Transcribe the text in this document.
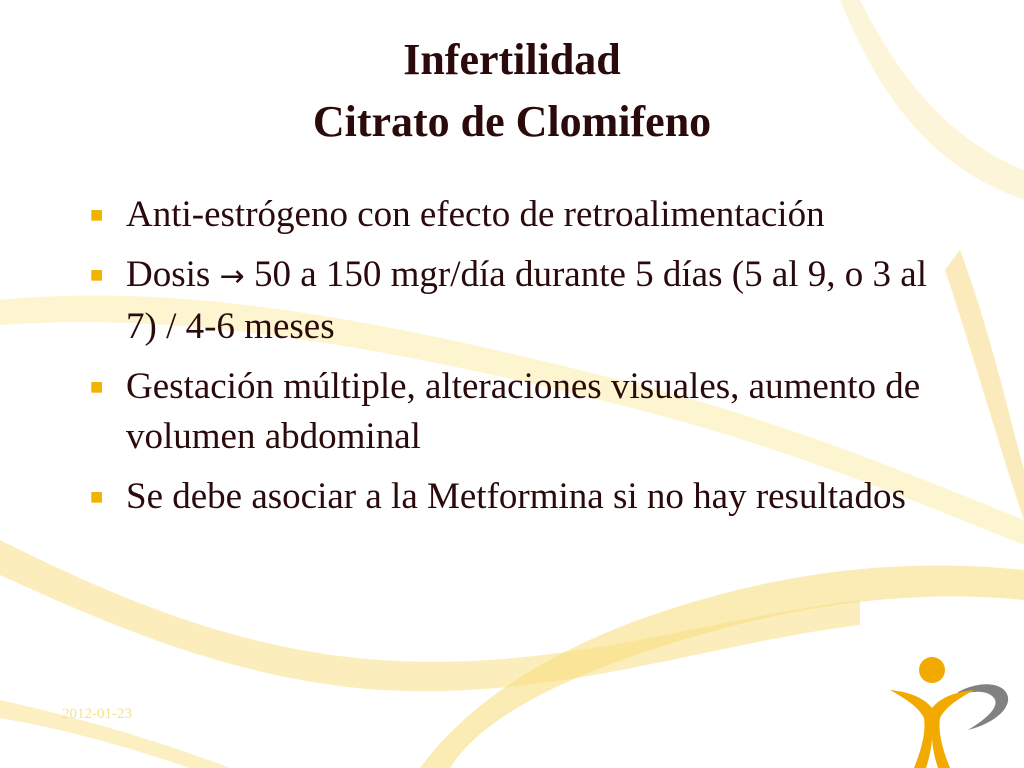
Infertilidad
Citrato de Clomifeno
■ Anti-estrógeno con efecto de retroalimentación
■ Dosis → 50 a 150 mgr/día durante 5 días (5 al 9, o 3 al 7) / 4-6 meses
■ Gestación múltiple, alteraciones visuales, aumento de volumen abdominal
■ Se debe asociar a la Metformina si no hay resultados
2012-01-23
